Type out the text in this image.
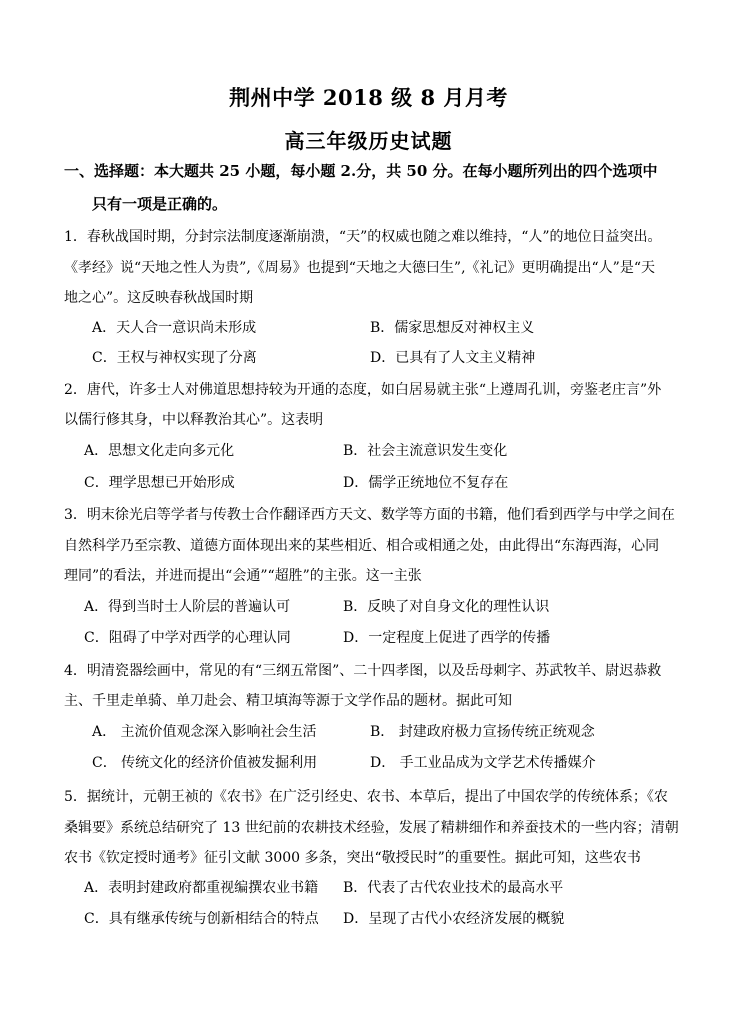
荆州中学 2018 级 8 月月考
高三年级历史试题
一、选择题：本大题共 25 小题，每小题 2.分，共 50 分。在每小题所列出的四个选项中
只有一项是正确的。
1．春秋战国时期，分封宗法制度逐渐崩溃，“天”的权威也随之难以维持，“人”的地位日益突出。
《孝经》说“天地之性人为贵”,《周易》也提到“天地之大德曰生”,《礼记》更明确提出“人”是“天
地之心”。这反映春秋战国时期
A．天人合一意识尚未形成	B．儒家思想反对神权主义
C．王权与神权实现了分离	D．已具有了人文主义精神
2．唐代，许多士人对佛道思想持较为开通的态度，如白居易就主张“上遵周孔训，旁鉴老庄言”外
以儒行修其身，中以释教治其心”。这表明
A．思想文化走向多元化	B．社会主流意识发生变化
C．理学思想已开始形成	D．儒学正统地位不复存在
3．明末徐光启等学者与传教士合作翻译西方天文、数学等方面的书籍，他们看到西学与中学之间在
自然科学乃至宗教、道德方面体现出来的某些相近、相合或相通之处，由此得出“东海西海，心同
理同”的看法，并进而提出“会通”“超胜”的主张。这一主张
A．得到当时士人阶层的普遍认可	B．反映了对自身文化的理性认识
C．阻碍了中学对西学的心理认同	D．一定程度上促进了西学的传播
4．明清瓷器绘画中，常见的有“三纲五常图”、二十四孝图，以及岳母刺字、苏武牧羊、尉迟恭救
主、千里走单骑、单刀赴会、精卫填海等源于文学作品的题材。据此可知
A． 主流价值观念深入影响社会生活	B． 封建政府极力宣扬传统正统观念
C． 传统文化的经济价值被发掘利用	D． 手工业品成为文学艺术传播媒介
5．据统计，元朝王祯的《农书》在广泛引经史、农书、本草后，提出了中国农学的传统体系；《农
桑辑要》系统总结研究了 13 世纪前的农耕技术经验，发展了精耕细作和养蚕技术的一些内容；清朝
农书《钦定授时通考》征引文献 3000 多条，突出“敬授民时”的重要性。据此可知，这些农书
A．表明封建政府都重视编撰农业书籍 B．代表了古代农业技术的最高水平
C．具有继承传统与创新相结合的特点 D．呈现了古代小农经济发展的概貌
